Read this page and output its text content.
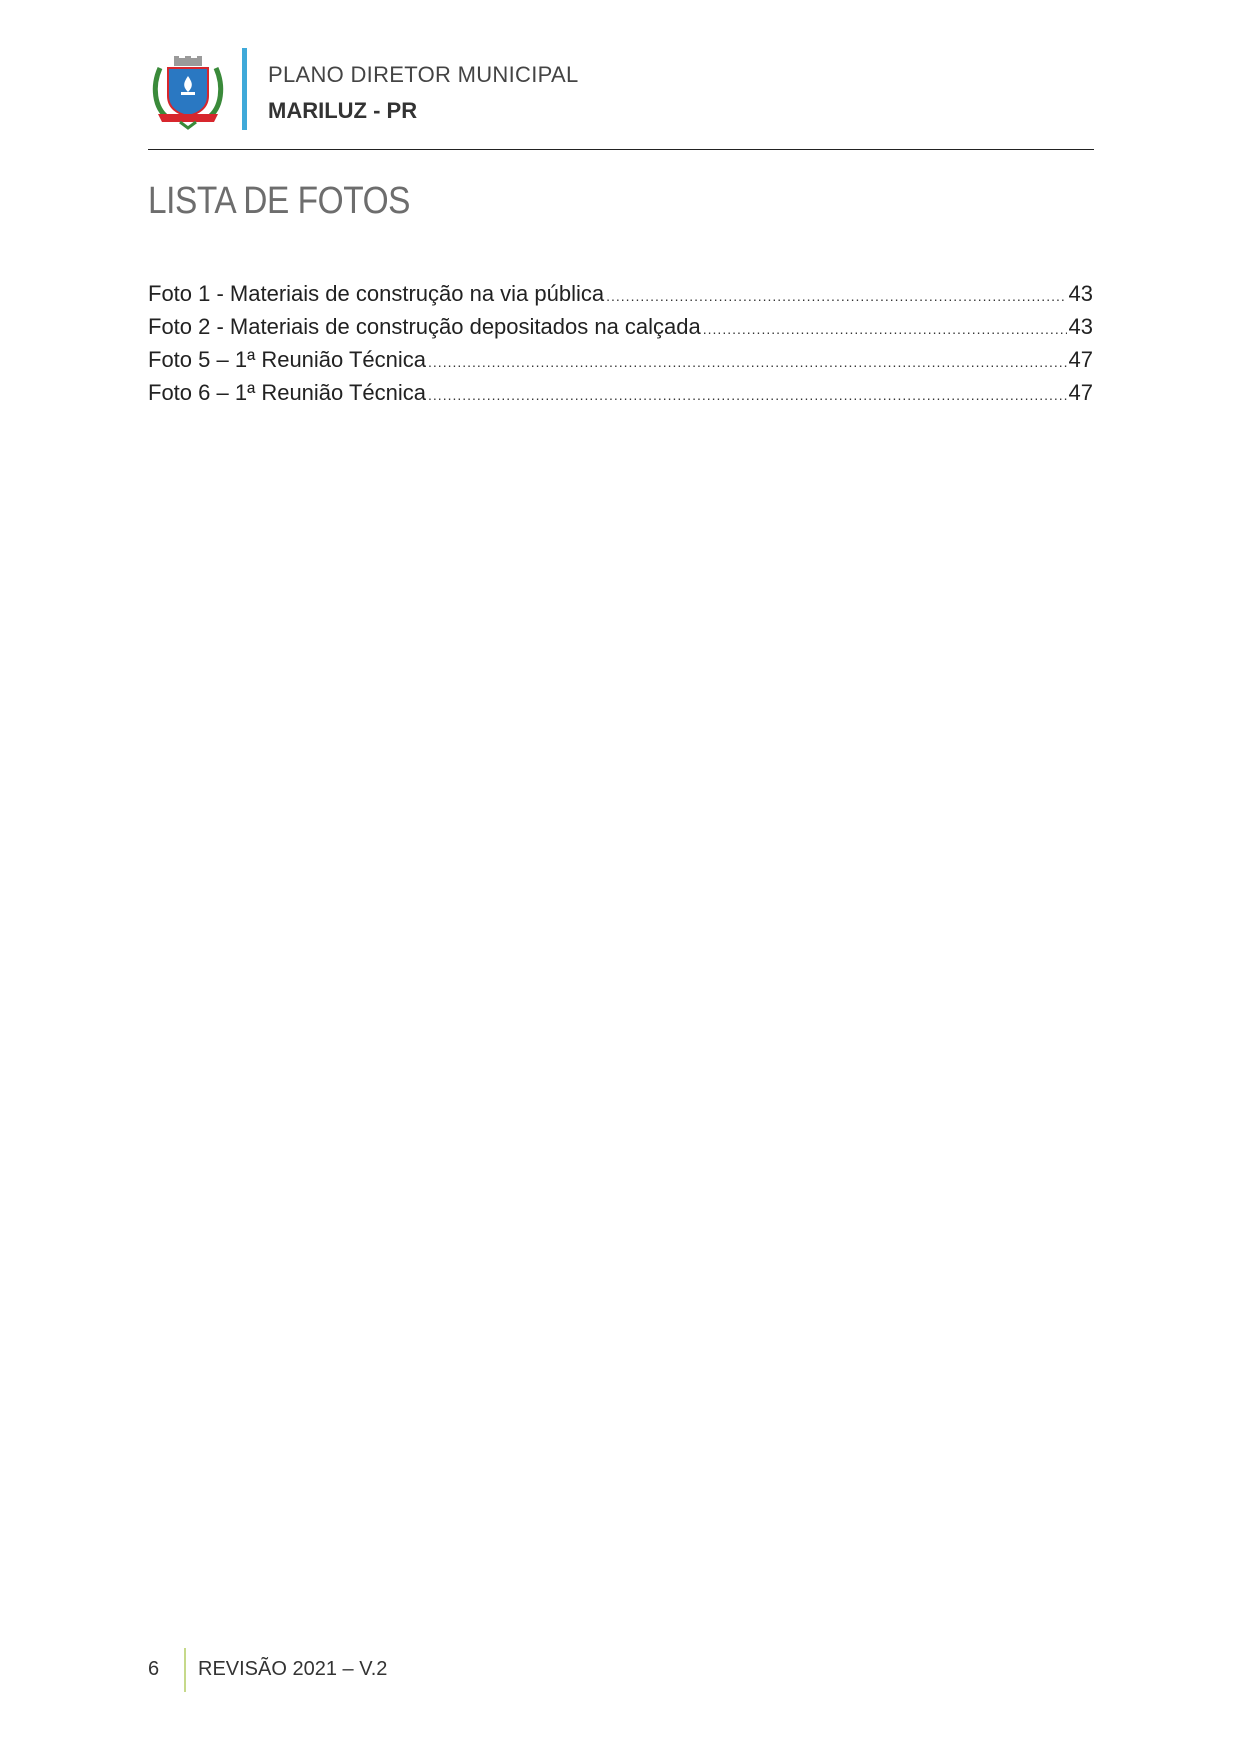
PLANO DIRETOR MUNICIPAL
MARILUZ - PR
LISTA DE FOTOS
Foto 1 - Materiais de construção na via pública .....	43
Foto 2 - Materiais de construção depositados na calçada .....	43
Foto 5 – 1ª Reunião Técnica .....	47
Foto 6 – 1ª Reunião Técnica .....	47
6 REVISÃO 2021 – V.2
